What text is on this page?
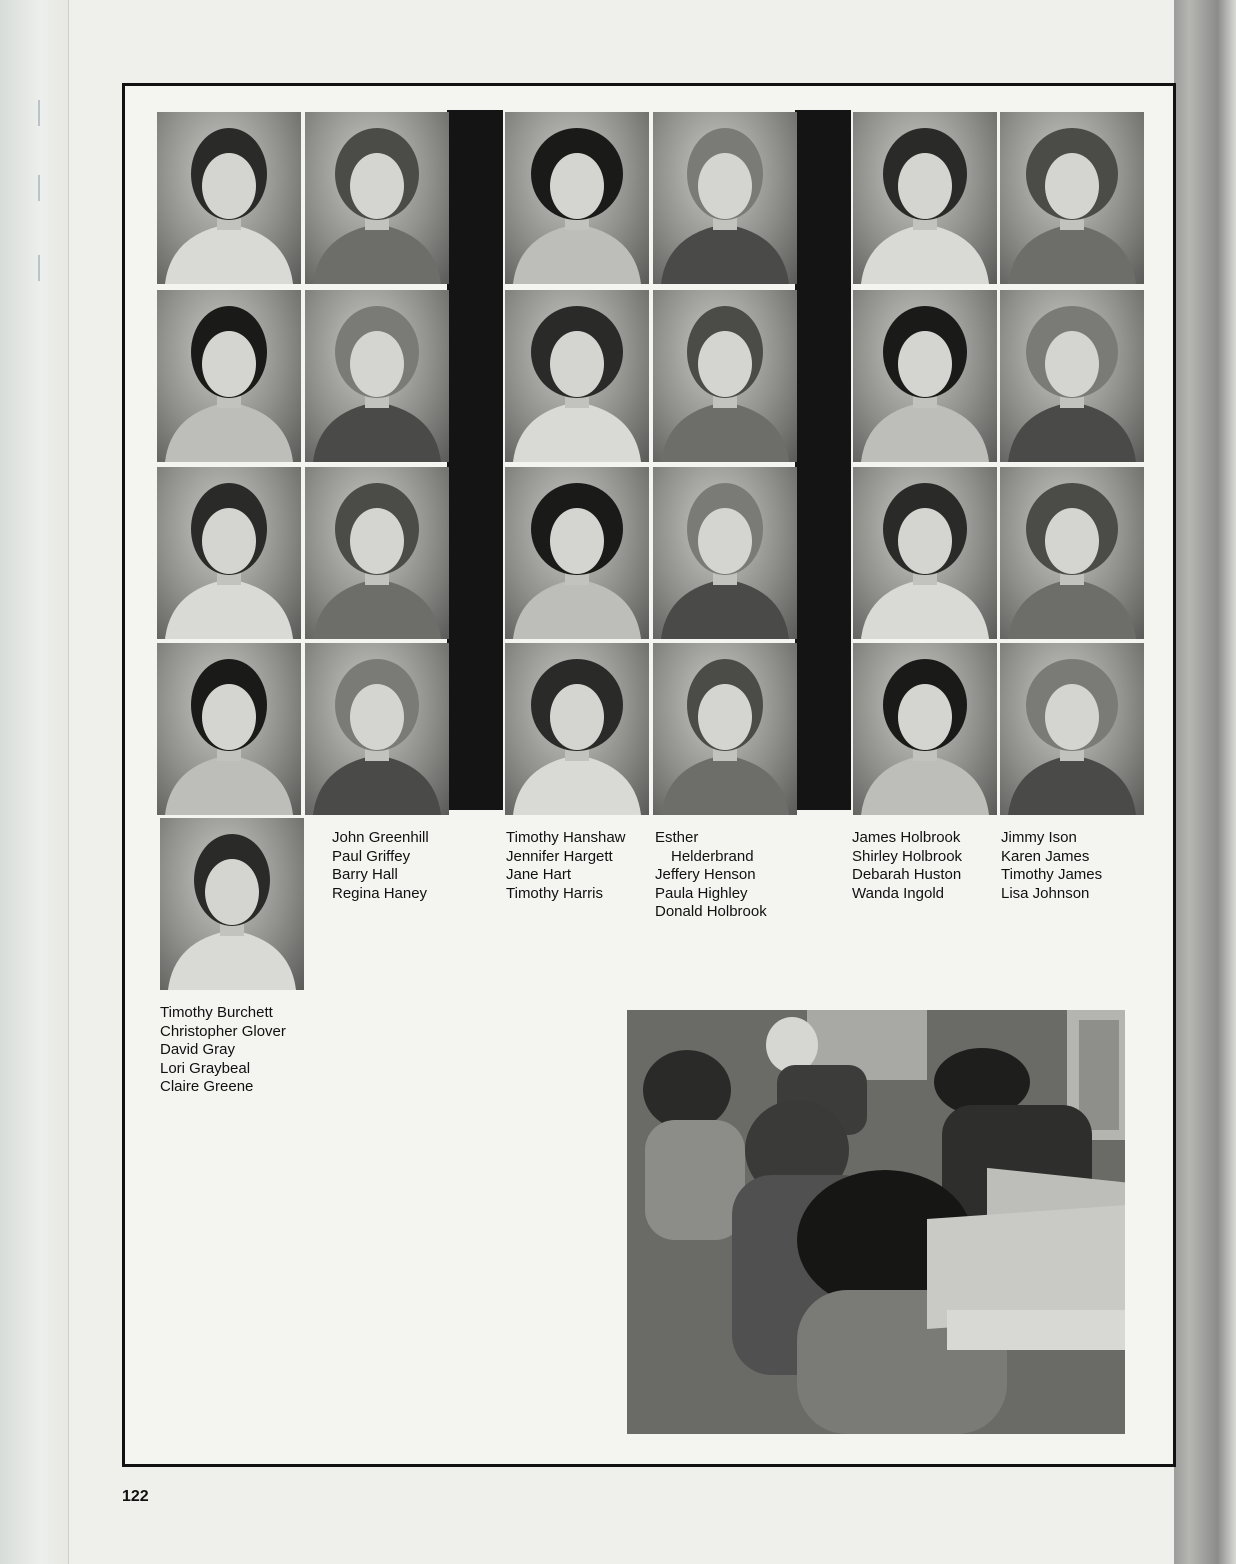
Timothy Burchett
Christopher Glover
David Gray
Lori Graybeal
Claire Greene
John Greenhill
Paul Griffey
Barry Hall
Regina Haney
Timothy Hanshaw
Jennifer Hargett
Jane Hart
Timothy Harris
Esther
Helderbrand
Jeffery Henson
Paula Highley
Donald Holbrook
James Holbrook
Shirley Holbrook
Debarah Huston
Wanda Ingold
Jimmy Ison
Karen James
Timothy James
Lisa Johnson
122
